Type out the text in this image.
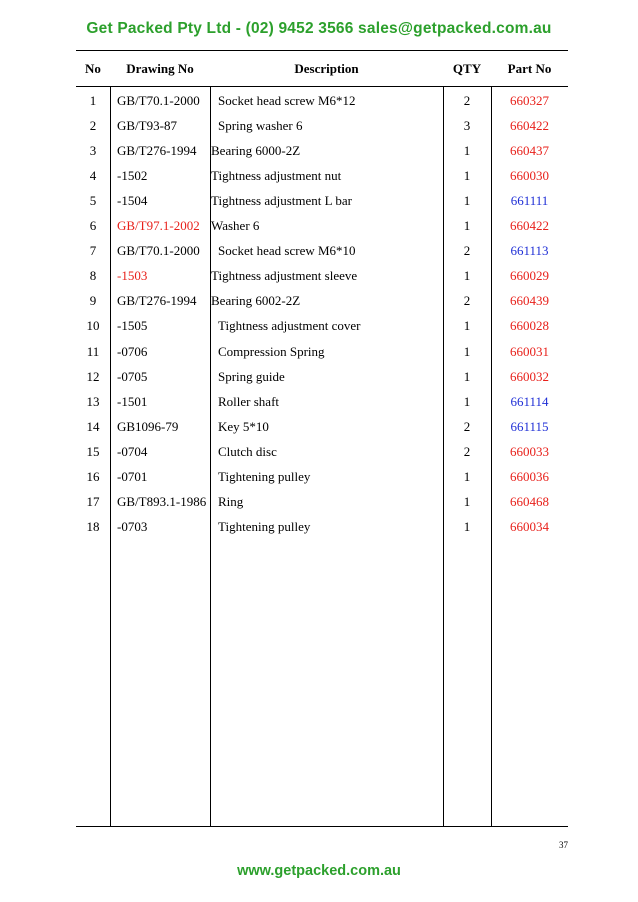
Get Packed Pty Ltd - (02) 9452 3566 sales@getpacked.com.au
No	Drawing No	Description	QTY	Part No
1	GB/T70.1-2000 Socket head screw M6*12	2	660327
2	GB/T93-87	Spring washer 6	3	660422
3	GB/T276-1994 Bearing 6000-2Z	1	660437
4	-1502	Tightness adjustment nut	1	660030
5	-1504	Tightness adjustment L bar	1	661111
6	GB/T97.1-2002 Washer 6	1	660422
7	GB/T70.1-2000 Socket head screw M6*10	2	661113
8	-1503	Tightness adjustment sleeve	1	660029
9	GB/T276-1994 Bearing 6002-2Z	2	660439
10	-1505	Tightness adjustment cover	1	660028
11	-0706	Compression Spring	1	660031
12	-0705	Spring guide	1	660032
13	-1501	Roller shaft	1	661114
14	GB1096-79	Key 5*10	2	661115
15	-0704	Clutch disc	2	660033
16	-0701	Tightening pulley	1	660036
17	GB/T893.1-1986 Ring	1	660468
18	-0703	Tightening pulley	1	660034
37
www.getpacked.com.au
